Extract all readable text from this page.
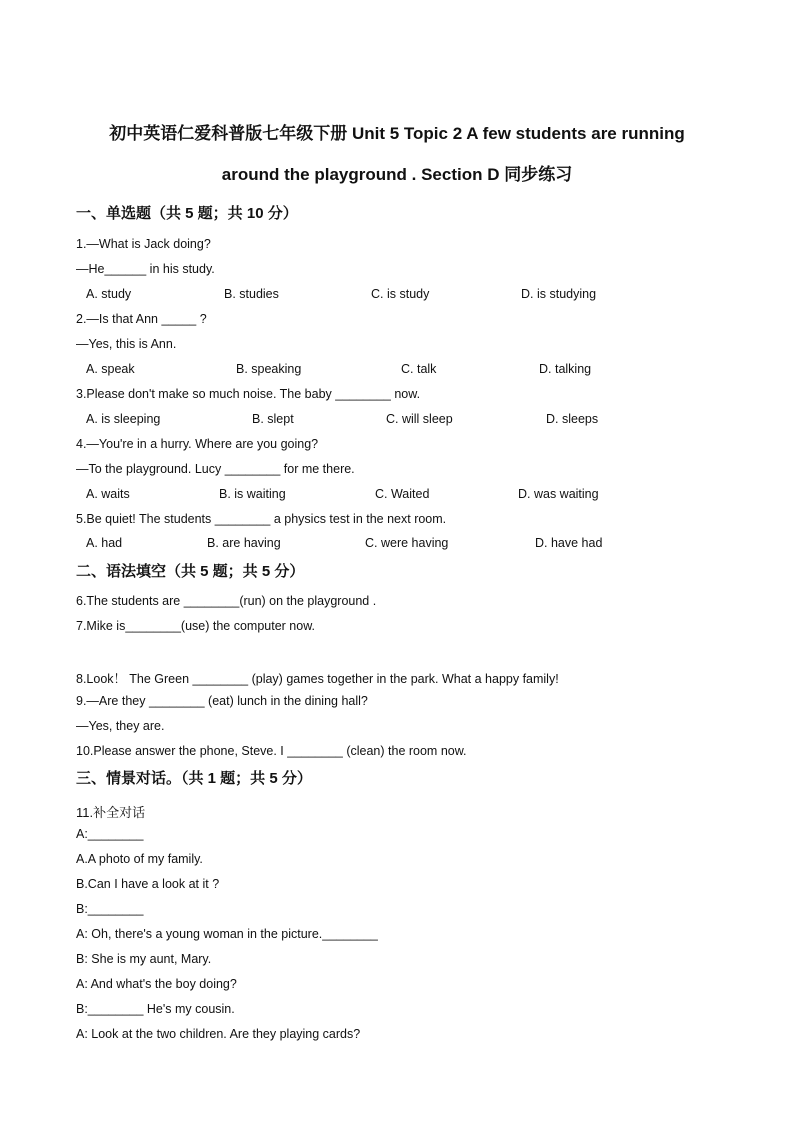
初中英语仁爱科普版七年级下册 Unit 5 Topic 2 A few students are running
around the playground . Section D 同步练习
一、单选题（共 5 题；共 10 分）
1.—What is Jack doing?
—He______ in his study.
A. study	B. studies	C. is study	D. is studying
2.—Is that Ann _____ ?
—Yes, this is Ann.
A. speak	B. speaking	C. talk	D. talking
3.Please don't make so much noise. The baby ________ now.
A. is sleeping	B. slept	C. will sleep	D. sleeps
4.—You're in a hurry. Where are you going?
—To the playground. Lucy ________ for me there.
A. waits	B. is waiting	C. Waited	D. was waiting
5.Be quiet! The students ________ a physics test in the next room.
A. had	B. are having	C. were having	D. have had
二、语法填空（共 5 题；共 5 分）
6.The students are ________(run) on the playground .
7.Mike is________(use) the computer now.
8.Look！ The Green ________ (play) games together in the park. What a happy family!
9.—Are they ________ (eat) lunch in the dining hall?
—Yes, they are.
10.Please answer the phone, Steve. I ________ (clean) the room now.
三、情景对话。（共 1 题；共 5 分）
11.补全对话
A:________
A.A photo of my family.
B.Can I have a look at it ?
B:________
A: Oh, there's a young woman in the picture.________
B: She is my aunt, Mary.
A: And what's the boy doing?
B:________ He's my cousin.
A: Look at the two children. Are they playing cards?
